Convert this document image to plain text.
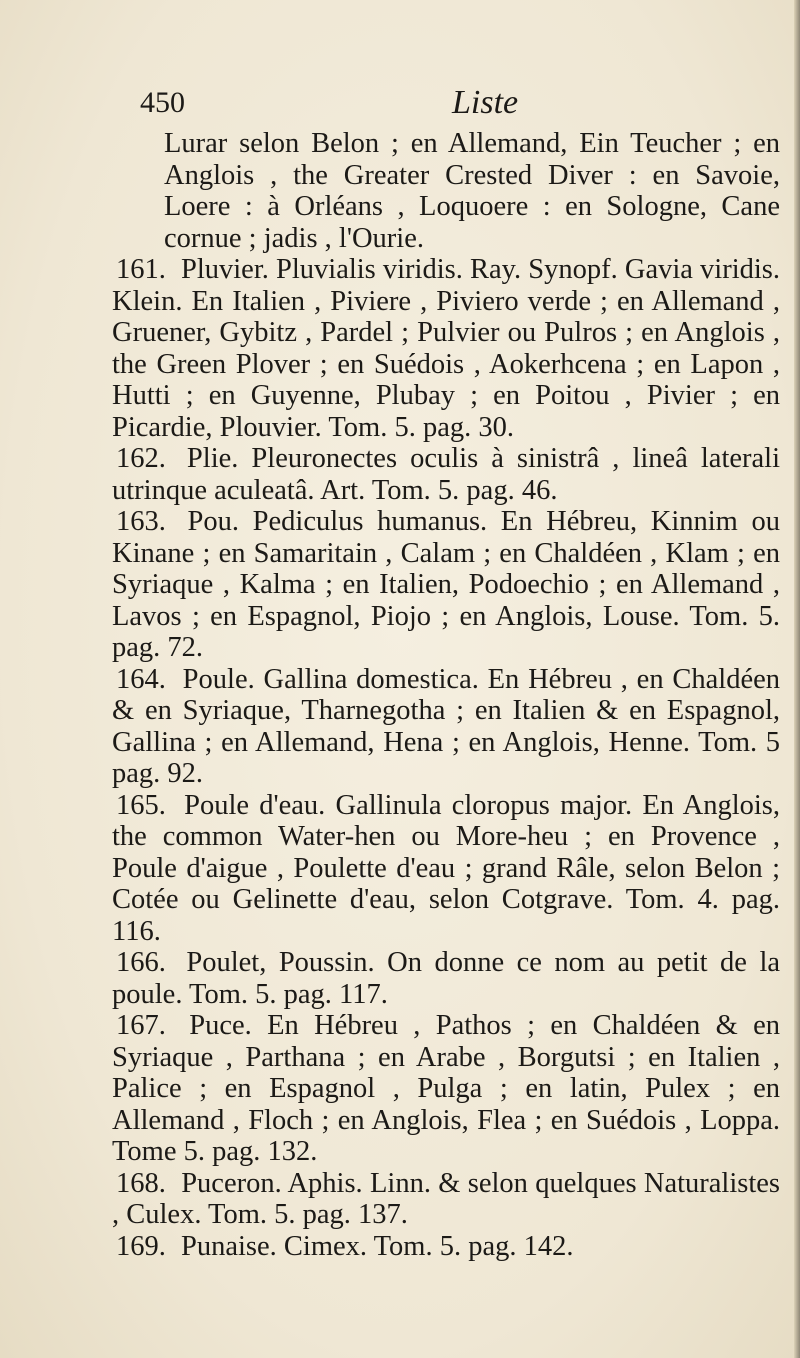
450	Liste

Lurar selon Belon ; en Allemand, Ein Teucher ; en Anglois , the Greater Crested Diver : en Savoie, Loere : à Orléans , Loquoere : en Sologne, Cane cornue ; jadis , l'Ourie.

161. Pluvier. Pluvialis viridis. Ray. Synopf. Gavia viridis. Klein. En Italien , Piviere , Piviero verde ; en Allemand , Gruener, Gybitz , Pardel ; Pulvier ou Pulros ; en Anglois , the Green Plover ; en Suédois , Aokerhcena ; en Lapon , Hutti ; en Guyenne, Plubay ; en Poitou , Pivier ; en Picardie, Plouvier. Tom. 5. pag. 30.

162. Plie. Pleuronectes oculis à sinistrâ , lineâ laterali utrinque aculeatâ. Art. Tom. 5. pag. 46.

163. Pou. Pediculus humanus. En Hébreu, Kinnim ou Kinane ; en Samaritain , Calam ; en Chaldéen , Klam ; en Syriaque , Kalma ; en Italien, Podoechio ; en Allemand , Lavos ; en Espagnol, Piojo ; en Anglois, Louse. Tom. 5. pag. 72.

164. Poule. Gallina domestica. En Hébreu , en Chaldéen & en Syriaque, Tharnegotha ; en Italien & en Espagnol, Gallina ; en Allemand, Hena ; en Anglois, Henne. Tom. 5 pag. 92.

165. Poule d'eau. Gallinula cloropus major. En Anglois, the common Water-hen ou More-heu ; en Provence , Poule d'aigue , Poulette d'eau ; grand Râle, selon Belon ; Cotée ou Gelinette d'eau, selon Cotgrave. Tom. 4. pag. 116.

166. Poulet, Poussin. On donne ce nom au petit de la poule. Tom. 5. pag. 117.

167. Puce. En Hébreu , Pathos ; en Chaldéen & en Syriaque , Parthana ; en Arabe , Borgutsi ; en Italien , Palice ; en Espagnol , Pulga ; en latin, Pulex ; en Allemand , Floch ; en Anglois, Flea ; en Suédois , Loppa. Tome 5. pag. 132.

168. Puceron. Aphis. Linn. & selon quelques Naturalistes , Culex. Tom. 5. pag. 137.

169. Punaise. Cimex. Tom. 5. pag. 142.
